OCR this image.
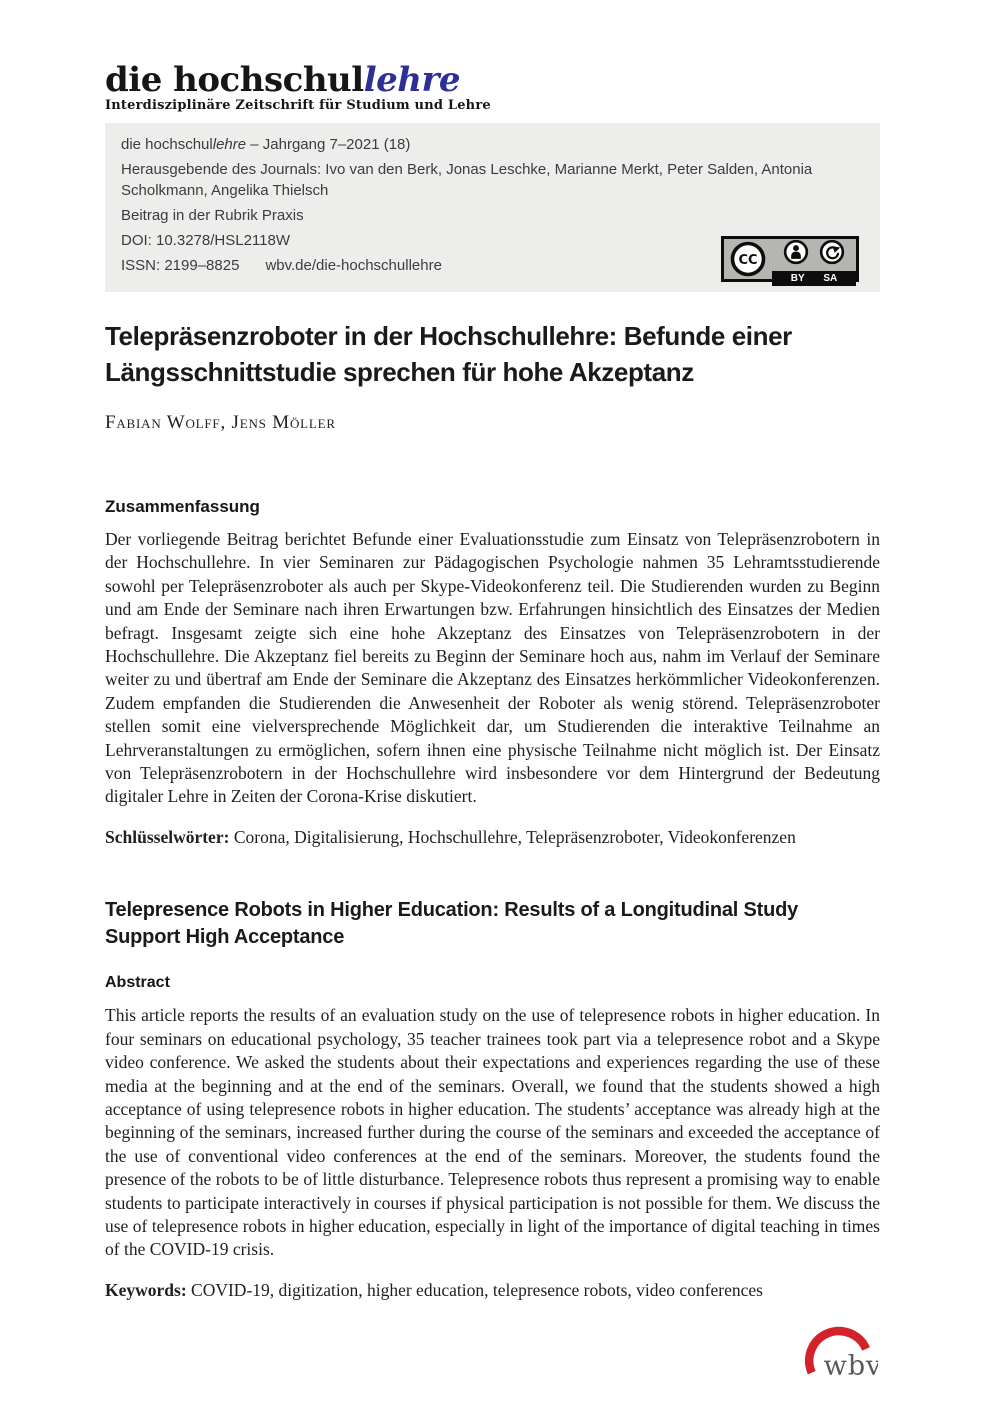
die hochschullehre
Interdisziplinäre Zeitschrift für Studium und Lehre

die hochschullehre – Jahrgang 7–2021 (18)

Herausgebende des Journals: Ivo van den Berk, Jonas Leschke, Marianne Merkt, Peter Salden, Antonia Scholkmann, Angelika Thielsch

Beitrag in der Rubrik Praxis

DOI: 10.3278/HSL2118W

ISSN: 2199–8825 wbv.de/die-hochschullehre	CC
BY SA
Telepräsenzroboter in der Hochschullehre: Befunde einer
Längsschnittstudie sprechen für hohe Akzeptanz
Fabian Wolff, Jens Möller
Zusammenfassung

Der vorliegende Beitrag berichtet Befunde einer Evaluationsstudie zum Einsatz von Telepräsenzrobotern in der Hochschullehre. In vier Seminaren zur Pädagogischen Psychologie nahmen 35 Lehramtsstudierende sowohl per Telepräsenzroboter als auch per Skype-Videokonferenz teil. Die Studierenden wurden zu Beginn und am Ende der Seminare nach ihren Erwartungen bzw. Erfahrungen hinsichtlich des Einsatzes der Medien befragt. Insgesamt zeigte sich eine hohe Akzeptanz des Einsatzes von Telepräsenzrobotern in der Hochschullehre. Die Akzeptanz fiel bereits zu Beginn der Seminare hoch aus, nahm im Verlauf der Seminare weiter zu und übertraf am Ende der Seminare die Akzeptanz des Einsatzes herkömmlicher Videokonferenzen. Zudem empfanden die Studierenden die Anwesenheit der Roboter als wenig störend. Telepräsenzroboter stellen somit eine vielversprechende Möglichkeit dar, um Studierenden die interaktive Teilnahme an Lehrveranstaltungen zu ermöglichen, sofern ihnen eine physische Teilnahme nicht möglich ist. Der Einsatz von Telepräsenzrobotern in der Hochschullehre wird insbesondere vor dem Hintergrund der Bedeutung digitaler Lehre in Zeiten der Corona-Krise diskutiert.

Schlüsselwörter: Corona, Digitalisierung, Hochschullehre, Telepräsenzroboter, Videokonferenzen

Telepresence Robots in Higher Education: Results of a Longitudinal Study
Support High Acceptance
Abstract

This article reports the results of an evaluation study on the use of telepresence robots in higher education. In four seminars on educational psychology, 35 teacher trainees took part via a telepresence robot and a Skype video conference. We asked the students about their expectations and experiences regarding the use of these media at the beginning and at the end of the seminars. Overall, we found that the students showed a high acceptance of using telepresence robots in higher education. The students’ acceptance was already high at the beginning of the seminars, increased further during the course of the seminars and exceeded the acceptance of the use of conventional video conferences at the end of the seminars. Moreover, the students found the presence of the robots to be of little disturbance. Telepresence robots thus represent a promising way to enable students to participate interactively in courses if physical participation is not possible for them. We discuss the use of telepresence robots in higher education, especially in light of the importance of digital teaching in times of the COVID-19 crisis.

Keywords: COVID-19, digitization, higher education, telepresence robots, video conferences

wbv
